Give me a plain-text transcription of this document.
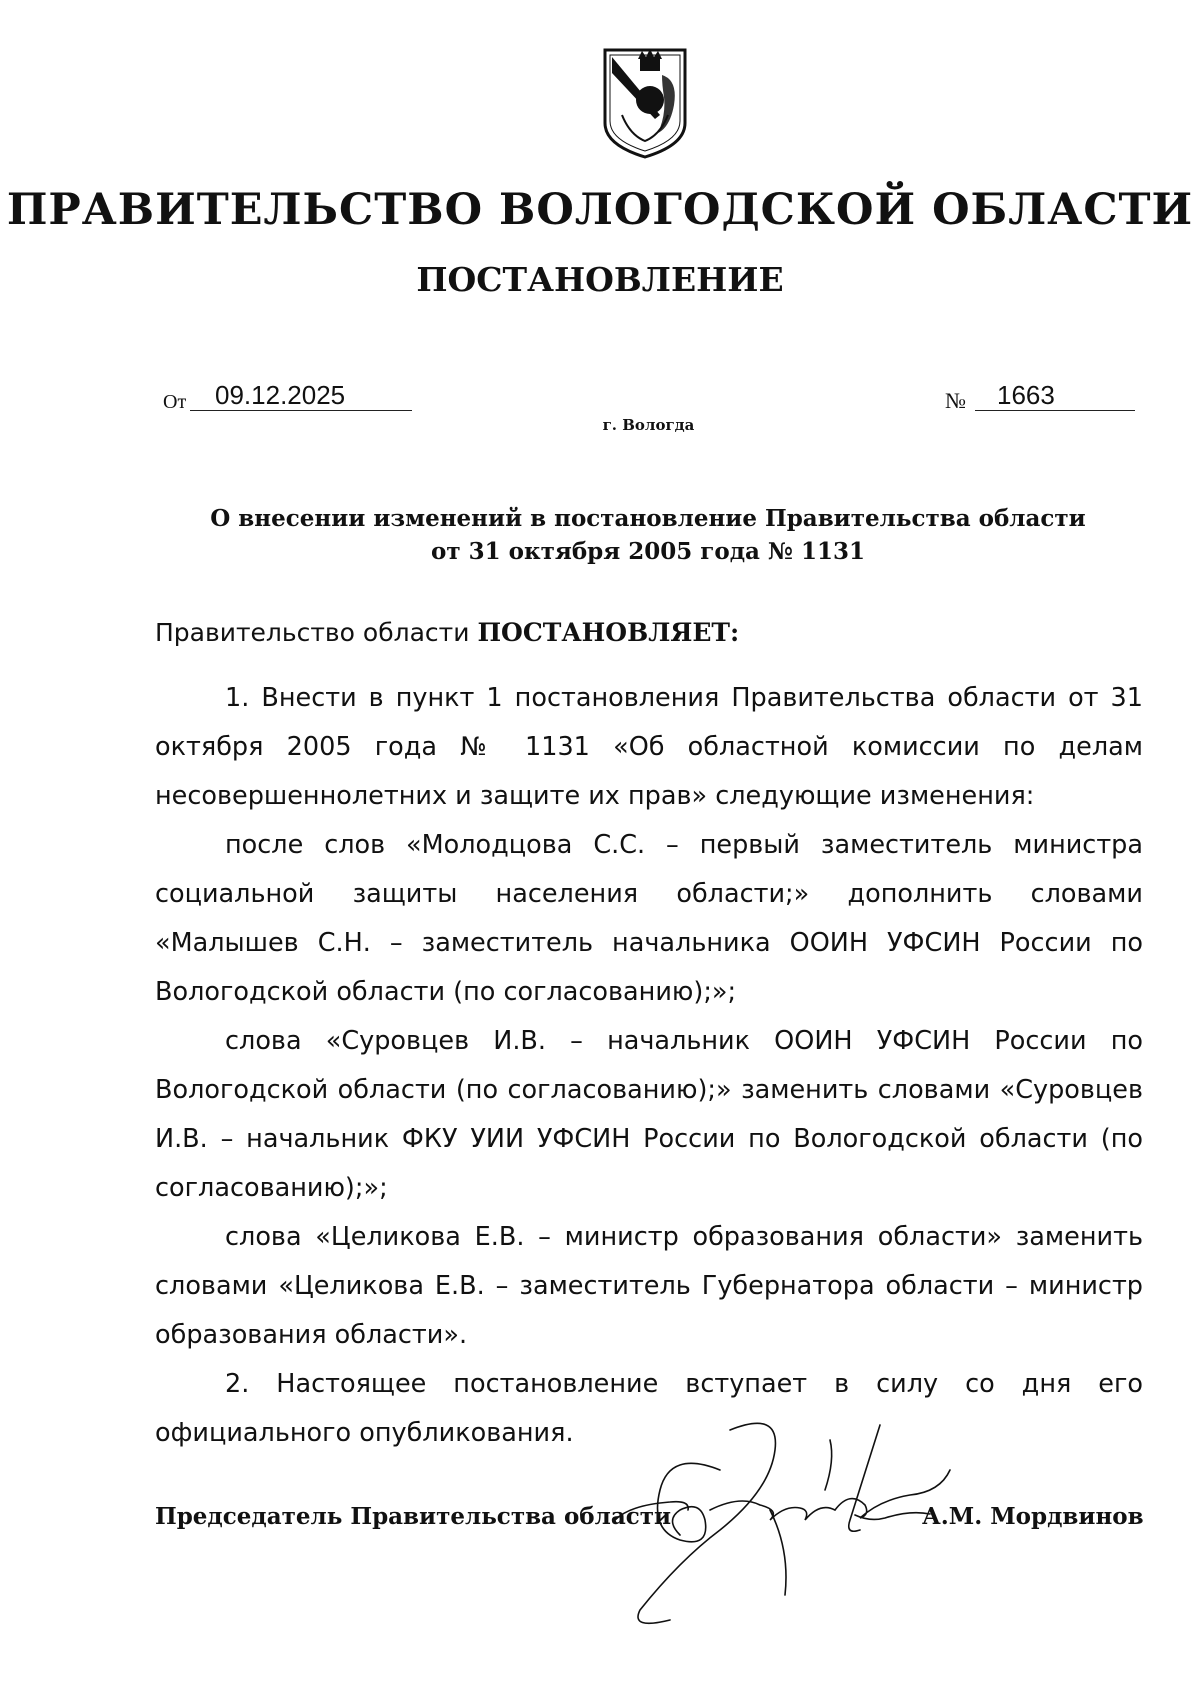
ПРАВИТЕЛЬСТВО ВОЛОГОДСКОЙ ОБЛАСТИ
ПОСТАНОВЛЕНИЕ
От	09.12.2025	№	1663
г. Вологда
О внесении изменений в постановление Правительства области
от 31 октября 2005 года № 1131
Правительство области ПОСТАНОВЛЯЕТ:

1. Внести в пункт 1 постановления Правительства области от 31 октября 2005 года № 1131 «Об областной комиссии по делам несовершеннолетних и защите их прав» следующие изменения:

после слов «Молодцова С.С. – первый заместитель министра социальной защиты населения области;» дополнить словами «Малышев С.Н. – заместитель начальника ООИН УФСИН России по Вологодской области (по согласованию);»;

слова «Суровцев И.В. – начальник ООИН УФСИН России по Вологодской области (по согласованию);» заменить словами «Суровцев И.В. – начальник ФКУ УИИ УФСИН России по Вологодской области (по согласованию);»;

слова «Целикова Е.В. – министр образования области» заменить словами «Целикова Е.В. – заместитель Губернатора области – министр образования области».

2. Настоящее постановление вступает в силу со дня его официального опубликования.

Председатель Правительства области	А.М. Мордвинов
